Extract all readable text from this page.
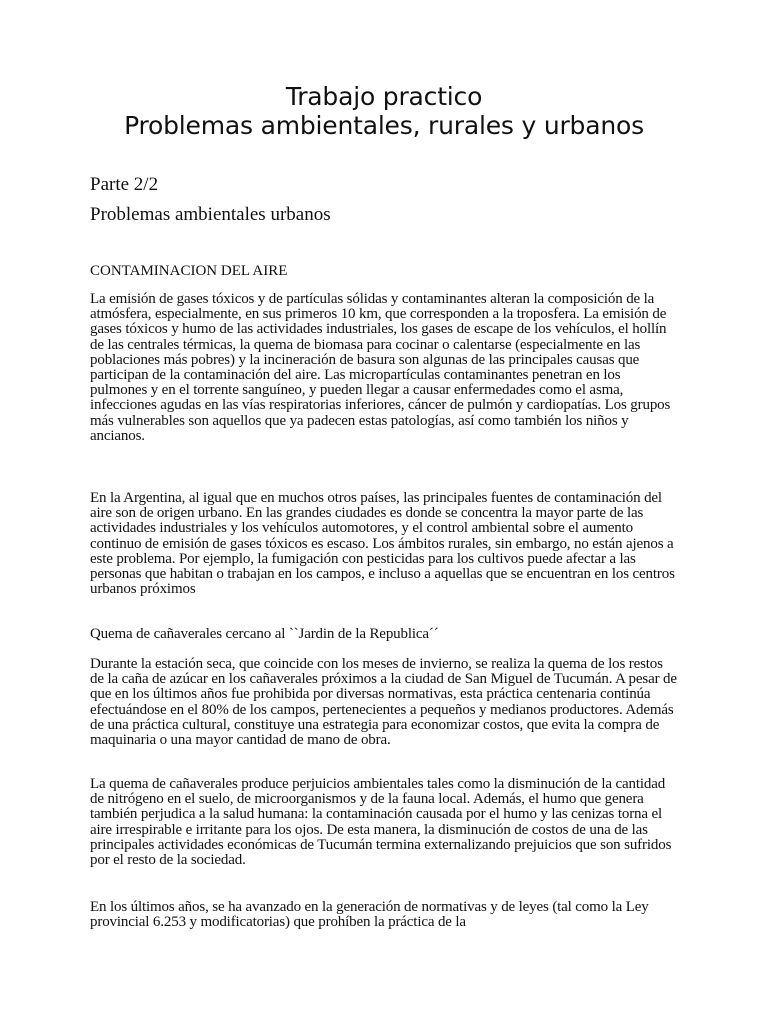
Trabajo practico
Problemas ambientales, rurales y urbanos
Parte 2/2
Problemas ambientales urbanos
CONTAMINACION DEL AIRE

La emisión de gases tóxicos y de partículas sólidas y contaminantes alteran la composición de la atmósfera, especialmente, en sus primeros 10 km, que corresponden a la troposfera. La emisión de gases tóxicos y humo de las actividades industriales, los gases de escape de los vehículos, el hollín de las centrales térmicas, la quema de biomasa para cocinar o calentarse (especialmente en las poblaciones más pobres) y la incineración de basura son algunas de las principales causas que participan de la contaminación del aire. Las micropartículas contaminantes penetran en los pulmones y en el torrente sanguíneo, y pueden llegar a causar enfermedades como el asma, infecciones agudas en las vías respiratorias inferiores, cáncer de pulmón y cardiopatías. Los grupos más vulnerables son aquellos que ya padecen estas patologías, así como también los niños y ancianos.

En la Argentina, al igual que en muchos otros países, las principales fuentes de contaminación del aire son de origen urbano. En las grandes ciudades es donde se concentra la mayor parte de las actividades industriales y los vehículos automotores, y el control ambiental sobre el aumento continuo de emisión de gases tóxicos es escaso. Los ámbitos rurales, sin embargo, no están ajenos a este problema. Por ejemplo, la fumigación con pesticidas para los cultivos puede afectar a las personas que habitan o trabajan en los campos, e incluso a aquellas que se encuentran en los centros urbanos próximos

Quema de cañaverales cercano al ``Jardin de la Republica´´

Durante la estación seca, que coincide con los meses de invierno, se realiza la quema de los restos de la caña de azúcar en los cañaverales próximos a la ciudad de San Miguel de Tucumán. A pesar de que en los últimos años fue prohibida por diversas normativas, esta práctica centenaria continúa efectuándose en el 80% de los campos, pertenecientes a pequeños y medianos productores. Además de una práctica cultural, constituye una estrategia para economizar costos, que evita la compra de maquinaria o una mayor cantidad de mano de obra.

La quema de cañaverales produce perjuicios ambientales tales como la disminución de la cantidad de nitrógeno en el suelo, de microorganismos y de la fauna local. Además, el humo que genera también perjudica a la salud humana: la contaminación causada por el humo y las cenizas torna el aire irrespirable e irritante para los ojos. De esta manera, la disminución de costos de una de las principales actividades económicas de Tucumán termina externalizando prejuicios que son sufridos por el resto de la sociedad.

En los últimos años, se ha avanzado en la generación de normativas y de leyes (tal como la Ley provincial 6.253 y modificatorias) que prohíben la práctica de la
